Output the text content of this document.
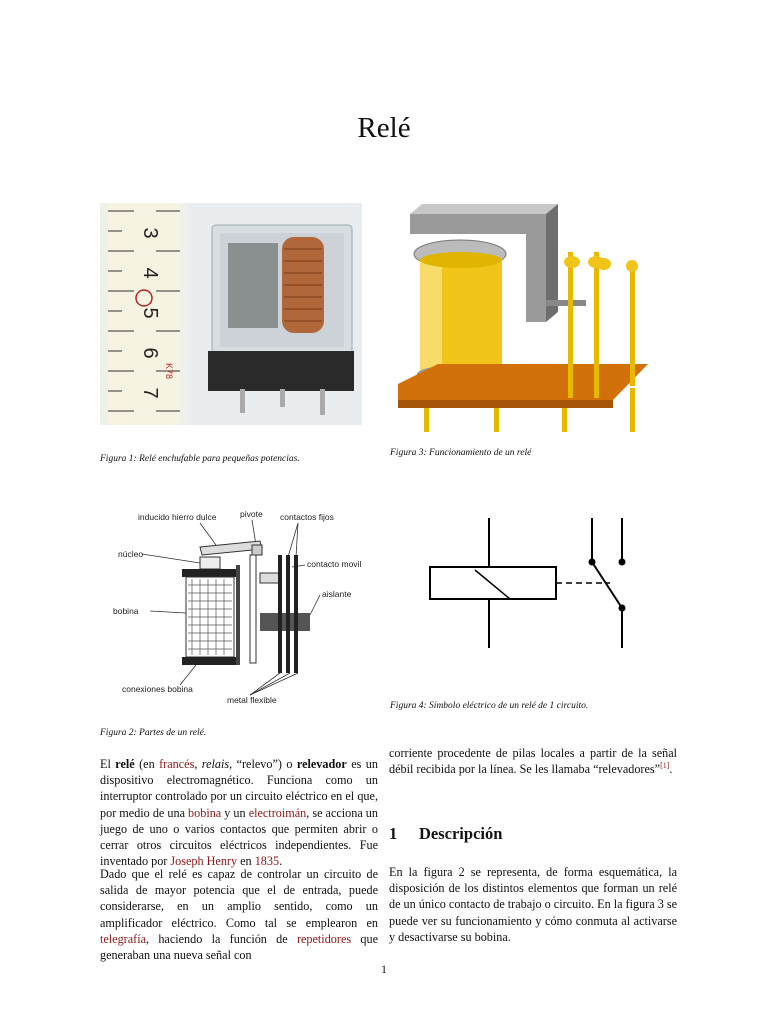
Relé
3
4
5
6
7
K78
Figura 1: Relé enchufable para pequeñas potencias.
Figura 3: Funcionamiento de un relé
inducido hierro dulce	pivote contactos fijos
núcleo
contacto movil
aislante
bobina
conexiones bobina
metal flexible
Figura 2: Partes de un relé.
Figura 4: Símbolo eléctrico de un relé de 1 circuito.
El relé (en francés, relais, “relevo”) o relevador es un dispositivo electromagnético. Funciona como un interruptor controlado por un circuito eléctrico en el que, por medio de una bobina y un electroimán, se acciona un juego de uno o varios contactos que permiten abrir o cerrar otros circuitos eléctricos independientes. Fue inventado por Joseph Henry en 1835.
Dado que el relé es capaz de controlar un circuito de salida de mayor potencia que el de entrada, puede considerarse, en un amplio sentido, como un amplificador eléctrico. Como tal se emplearon en telegrafía, haciendo la función de repetidores que generaban una nueva señal con
corriente procedente de pilas locales a partir de la señal débil recibida por la línea. Se les llamaba “relevadores”[1].
1 Descripción
En la figura 2 se representa, de forma esquemática, la disposición de los distintos elementos que forman un relé de un único contacto de trabajo o circuito. En la figura 3 se puede ver su funcionamiento y cómo conmuta al activarse y desactivarse su bobina.
1
